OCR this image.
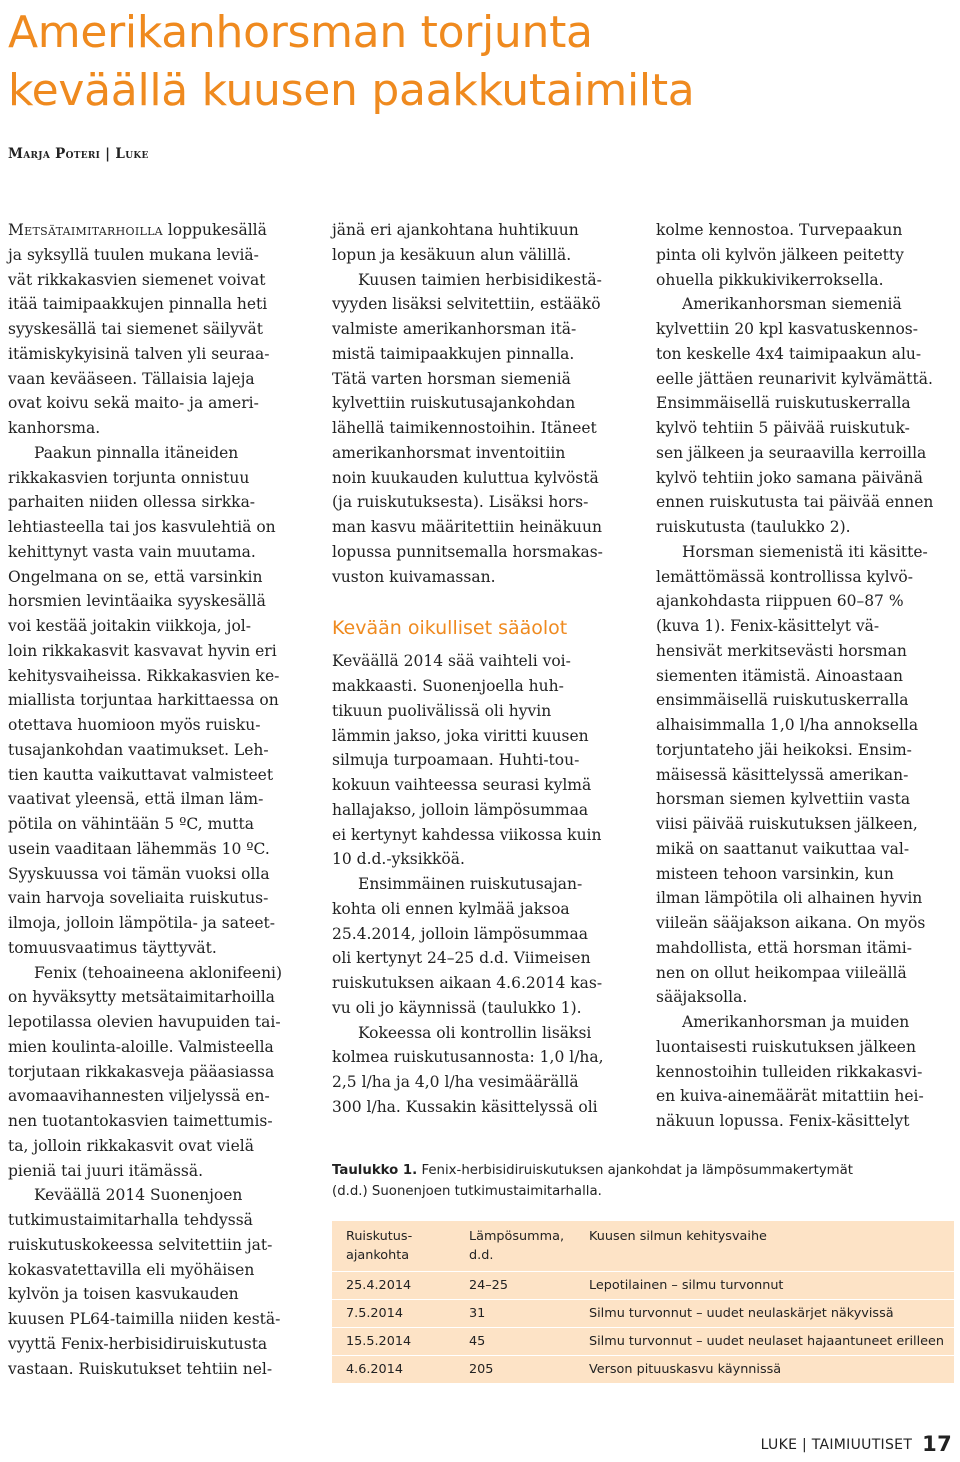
Amerikanhorsman torjunta
keväällä kuusen paakkutaimilta
Marja Poteri | Luke

Metsätaimitarhoilla loppukesällä
ja syksyllä tuulen mukana leviä-
vät rikkakasvien siemenet voivat
itää taimipaakkujen pinnalla heti
syyskesällä tai siemenet säilyvät
itämiskykyisinä talven yli seuraa-
vaan kevääseen. Tällaisia lajeja
ovat koivu sekä maito- ja ameri-
kanhorsma.

Paakun pinnalla itäneiden
rikkakasvien torjunta onnistuu
parhaiten niiden ollessa sirkka-
lehtiasteella tai jos kasvulehtiä on
kehittynyt vasta vain muutama.
Ongelmana on se, että varsinkin
horsmien levintäaika syyskesällä
voi kestää joitakin viikkoja, jol-
loin rikkakasvit kasvavat hyvin eri
kehitysvaiheissa. Rikkakasvien ke-
miallista torjuntaa harkittaessa on
otettava huomioon myös ruisku-
tusajankohdan vaatimukset. Leh-
tien kautta vaikuttavat valmisteet
vaativat yleensä, että ilman läm-
pötila on vähintään 5 ºC, mutta
usein vaaditaan lähemmäs 10 ºC.
Syyskuussa voi tämän vuoksi olla
vain harvoja soveliaita ruiskutus-
ilmoja, jolloin lämpötila- ja sateet-
tomuusvaatimus täyttyvät.

Fenix (tehoaineena aklonifeeni)
on hyväksytty metsätaimitarhoilla
lepotilassa olevien havupuiden tai-
mien koulinta-aloille. Valmisteella
torjutaan rikkakasveja pääasiassa
avomaavihannesten viljelyssä en-
nen tuotantokasvien taimettumis-
ta, jolloin rikkakasvit ovat vielä
pieniä tai juuri itämässä.

Keväällä 2014 Suonenjoen
tutkimustaimitarhalla tehdyssä
ruiskutuskokeessa selvitettiin jat-
kokasvatettavilla eli myöhäisen
kylvön ja toisen kasvukauden
kuusen PL64-taimilla niiden kestä-
vyyttä Fenix-herbisidiruiskutusta
vastaan. Ruiskutukset tehtiin nel-

jänä eri ajankohtana huhtikuun
lopun ja kesäkuun alun välillä.

Kuusen taimien herbisidikestä-
vyyden lisäksi selvitettiin, estääkö
valmiste amerikanhorsman itä-
mistä taimipaakkujen pinnalla.
Tätä varten horsman siemeniä
kylvettiin ruiskutusajankohdan
lähellä taimikennostoihin. Itäneet
amerikanhorsmat inventoitiin
noin kuukauden kuluttua kylvöstä
(ja ruiskutuksesta). Lisäksi hors-
man kasvu määritettiin heinäkuun
lopussa punnitsemalla horsmakas-
vuston kuivamassan.

Kevään oikulliset sääolot

Keväällä 2014 sää vaihteli voi-
makkaasti. Suonenjoella huh-
tikuun puolivälissä oli hyvin
lämmin jakso, joka viritti kuusen
silmuja turpoamaan. Huhti-tou-
kokuun vaihteessa seurasi kylmä
hallajakso, jolloin lämpösummaa
ei kertynyt kahdessa viikossa kuin
10 d.d.-yksikköä.

Ensimmäinen ruiskutusajan-
kohta oli ennen kylmää jaksoa
25.4.2014, jolloin lämpösummaa
oli kertynyt 24–25 d.d. Viimeisen
ruiskutuksen aikaan 4.6.2014 kas-
vu oli jo käynnissä (taulukko 1).

Kokeessa oli kontrollin lisäksi
kolmea ruiskutusannosta: 1,0 l/ha,
2,5 l/ha ja 4,0 l/ha vesimäärällä
300 l/ha. Kussakin käsittelyssä oli

kolme kennostoa. Turvepaakun
pinta oli kylvön jälkeen peitetty
ohuella pikkukivikerroksella.

Amerikanhorsman siemeniä
kylvettiin 20 kpl kasvatuskennos-
ton keskelle 4x4 taimipaakun alu-
eelle jättäen reunarivit kylvämättä.
Ensimmäisellä ruiskutuskerralla
kylvö tehtiin 5 päivää ruiskutuk-
sen jälkeen ja seuraavilla kerroilla
kylvö tehtiin joko samana päivänä
ennen ruiskutusta tai päivää ennen
ruiskutusta (taulukko 2).

Horsman siemenistä iti käsitte-
lemättömässä kontrollissa kylvö-
ajankohdasta riippuen 60–87 %
(kuva 1). Fenix-käsittelyt vä-
hensivät merkitsevästi horsman
siementen itämistä. Ainoastaan
ensimmäisellä ruiskutuskerralla
alhaisimmalla 1,0 l/ha annoksella
torjuntateho jäi heikoksi. Ensim-
mäisessä käsittelyssä amerikan-
horsman siemen kylvettiin vasta
viisi päivää ruiskutuksen jälkeen,
mikä on saattanut vaikuttaa val-
misteen tehoon varsinkin, kun
ilman lämpötila oli alhainen hyvin
viileän sääjakson aikana. On myös
mahdollista, että horsman itämi-
nen on ollut heikompaa viileällä
sääjaksolla.

Amerikanhorsman ja muiden
luontaisesti ruiskutuksen jälkeen
kennostoihin tulleiden rikkakasvi-
en kuiva-ainemäärät mitattiin hei-
näkuun lopussa. Fenix-käsittelyt

Taulukko 1. Fenix-herbisidiruiskutuksen ajankohdat ja lämpösummakertymät
(d.d.) Suonenjoen tutkimustaimitarhalla.
Ruiskutus-
ajankohta	Lämpösumma,
d.d.	Kuusen silmun kehitysvaihe
25.4.2014	24–25	Lepotilainen – silmu turvonnut
7.5.2014	31	Silmu turvonnut – uudet neulaskärjet näkyvissä
15.5.2014	45	Silmu turvonnut – uudet neulaset hajaantuneet erilleen
4.6.2014	205	Verson pituuskasvu käynnissä
LUKE | TAIMIUUTISET 17
